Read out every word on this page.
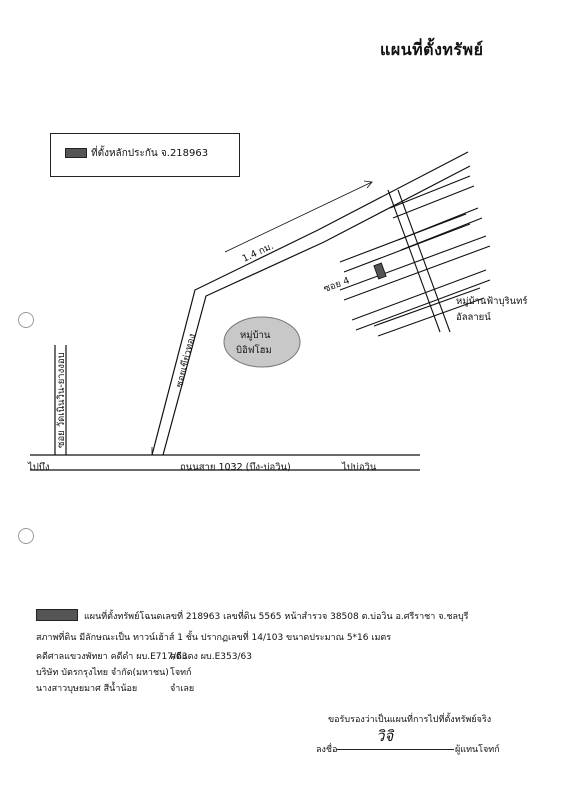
แผนที่ตั้งทรัพย์
ที่ตั้งหลักประกัน จ.218963
ไปบึง	ถนนสาย 1032 (บึง-บ่อวิน)	ไปบ่อวิน
ซอย วัดเนินวิน-ยางงอบ	ซอยเขีย่วทอง
1.4 กม.
ซอย 4
หมู่บ้าน
บิอิฟโฮม
หมู่บ้านฟ้าบุรินทร์
อัลลายน์
แผนที่ตั้งทรัพย์โฉนดเลขที่ 218963 เลขที่ดิน 5565 หน้าสำรวจ 38508 ต.บ่อวิน อ.ศรีราชา จ.ชลบุรี
สภาพที่ดิน มีลักษณะเป็น ทาวน์เฮ้าส์ 1 ชั้น ปรากฏเลขที่ 14/103 ขนาดประมาณ 5*16 เมตร
คดีศาลแขวงพัทยา คดีดำ ผบ.E717/63
คดีแดง ผบ.E353/63
บริษัท บัตรกรุงไทย จำกัด(มหาชน) โจทก์
นางสาวบุษยมาศ สีน้ำน้อย	จำเลย
ขอรับรองว่าเป็นแผนที่การไปที่ตั้งทรัพย์จริง
ลงชื่อ
วิจิ
ผู้แทนโจทก์
